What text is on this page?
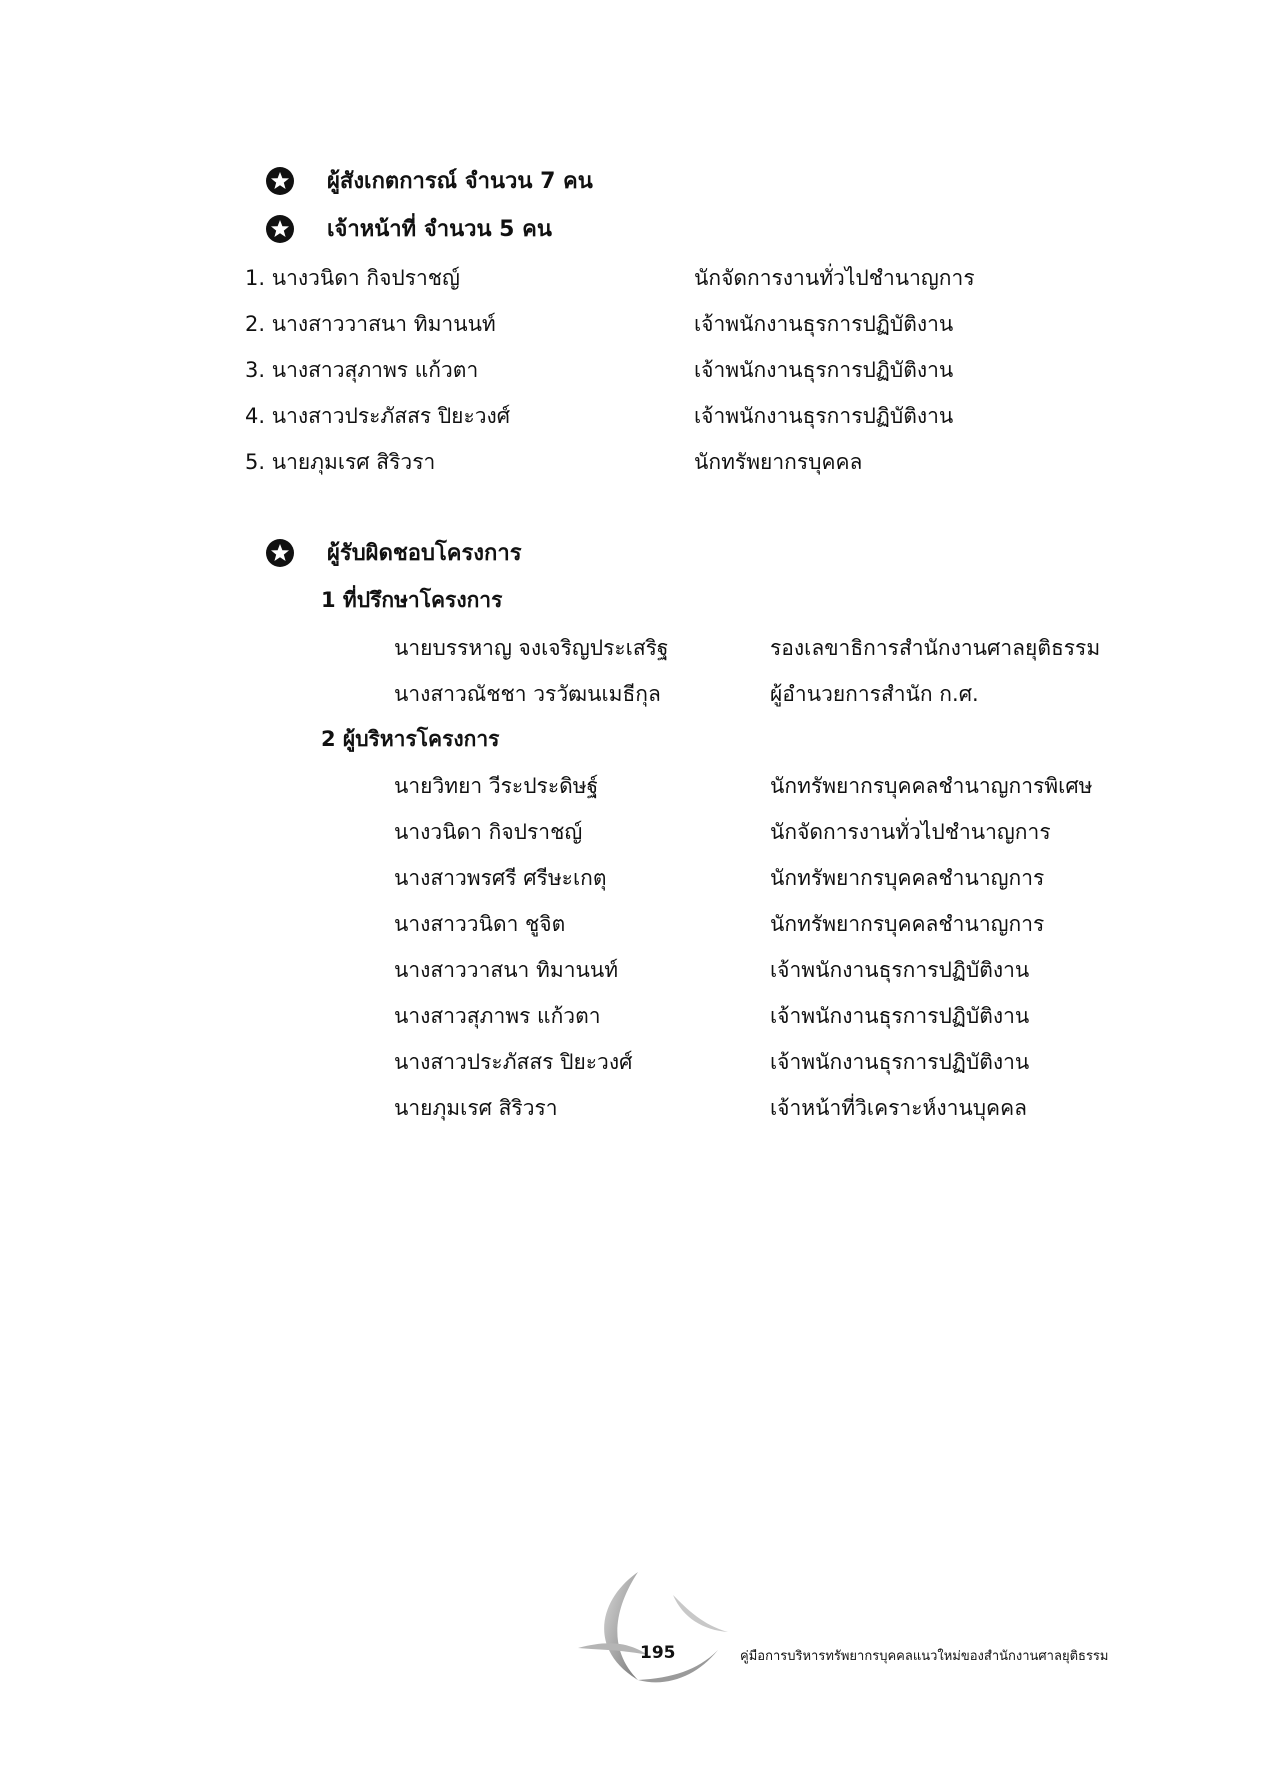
ผู้สังเกตการณ์ จำนวน 7 คน
เจ้าหน้าที่ จำนวน 5 คน
1. นางวนิดา กิจปราชญ์	นักจัดการงานทั่วไปชำนาญการ
2. นางสาววาสนา ทิมานนท์	เจ้าพนักงานธุรการปฏิบัติงาน
3. นางสาวสุภาพร แก้วตา	เจ้าพนักงานธุรการปฏิบัติงาน
4. นางสาวประภัสสร ปิยะวงศ์	เจ้าพนักงานธุรการปฏิบัติงาน
5. นายภุมเรศ สิริวรา	นักทรัพยากรบุคคล
ผู้รับผิดชอบโครงการ
1 ที่ปรึกษาโครงการ
นายบรรหาญ จงเจริญประเสริฐ	รองเลขาธิการสำนักงานศาลยุติธรรม
นางสาวณัชชา วรวัฒนเมธีกุล	ผู้อำนวยการสำนัก ก.ศ.
2 ผู้บริหารโครงการ
นายวิทยา วีระประดิษฐ์	นักทรัพยากรบุคคลชำนาญการพิเศษ
นางวนิดา กิจปราชญ์	นักจัดการงานทั่วไปชำนาญการ
นางสาวพรศรี ศรีษะเกตุ	นักทรัพยากรบุคคลชำนาญการ
นางสาววนิดา ชูจิต	นักทรัพยากรบุคคลชำนาญการ
นางสาววาสนา ทิมานนท์	เจ้าพนักงานธุรการปฏิบัติงาน
นางสาวสุภาพร แก้วตา	เจ้าพนักงานธุรการปฏิบัติงาน
นางสาวประภัสสร ปิยะวงศ์	เจ้าพนักงานธุรการปฏิบัติงาน
นายภุมเรศ สิริวรา	เจ้าหน้าที่วิเคราะห์งานบุคคล
195	คู่มือการบริหารทรัพยากรบุคคลแนวใหม่ของสำนักงานศาลยุติธรรม
